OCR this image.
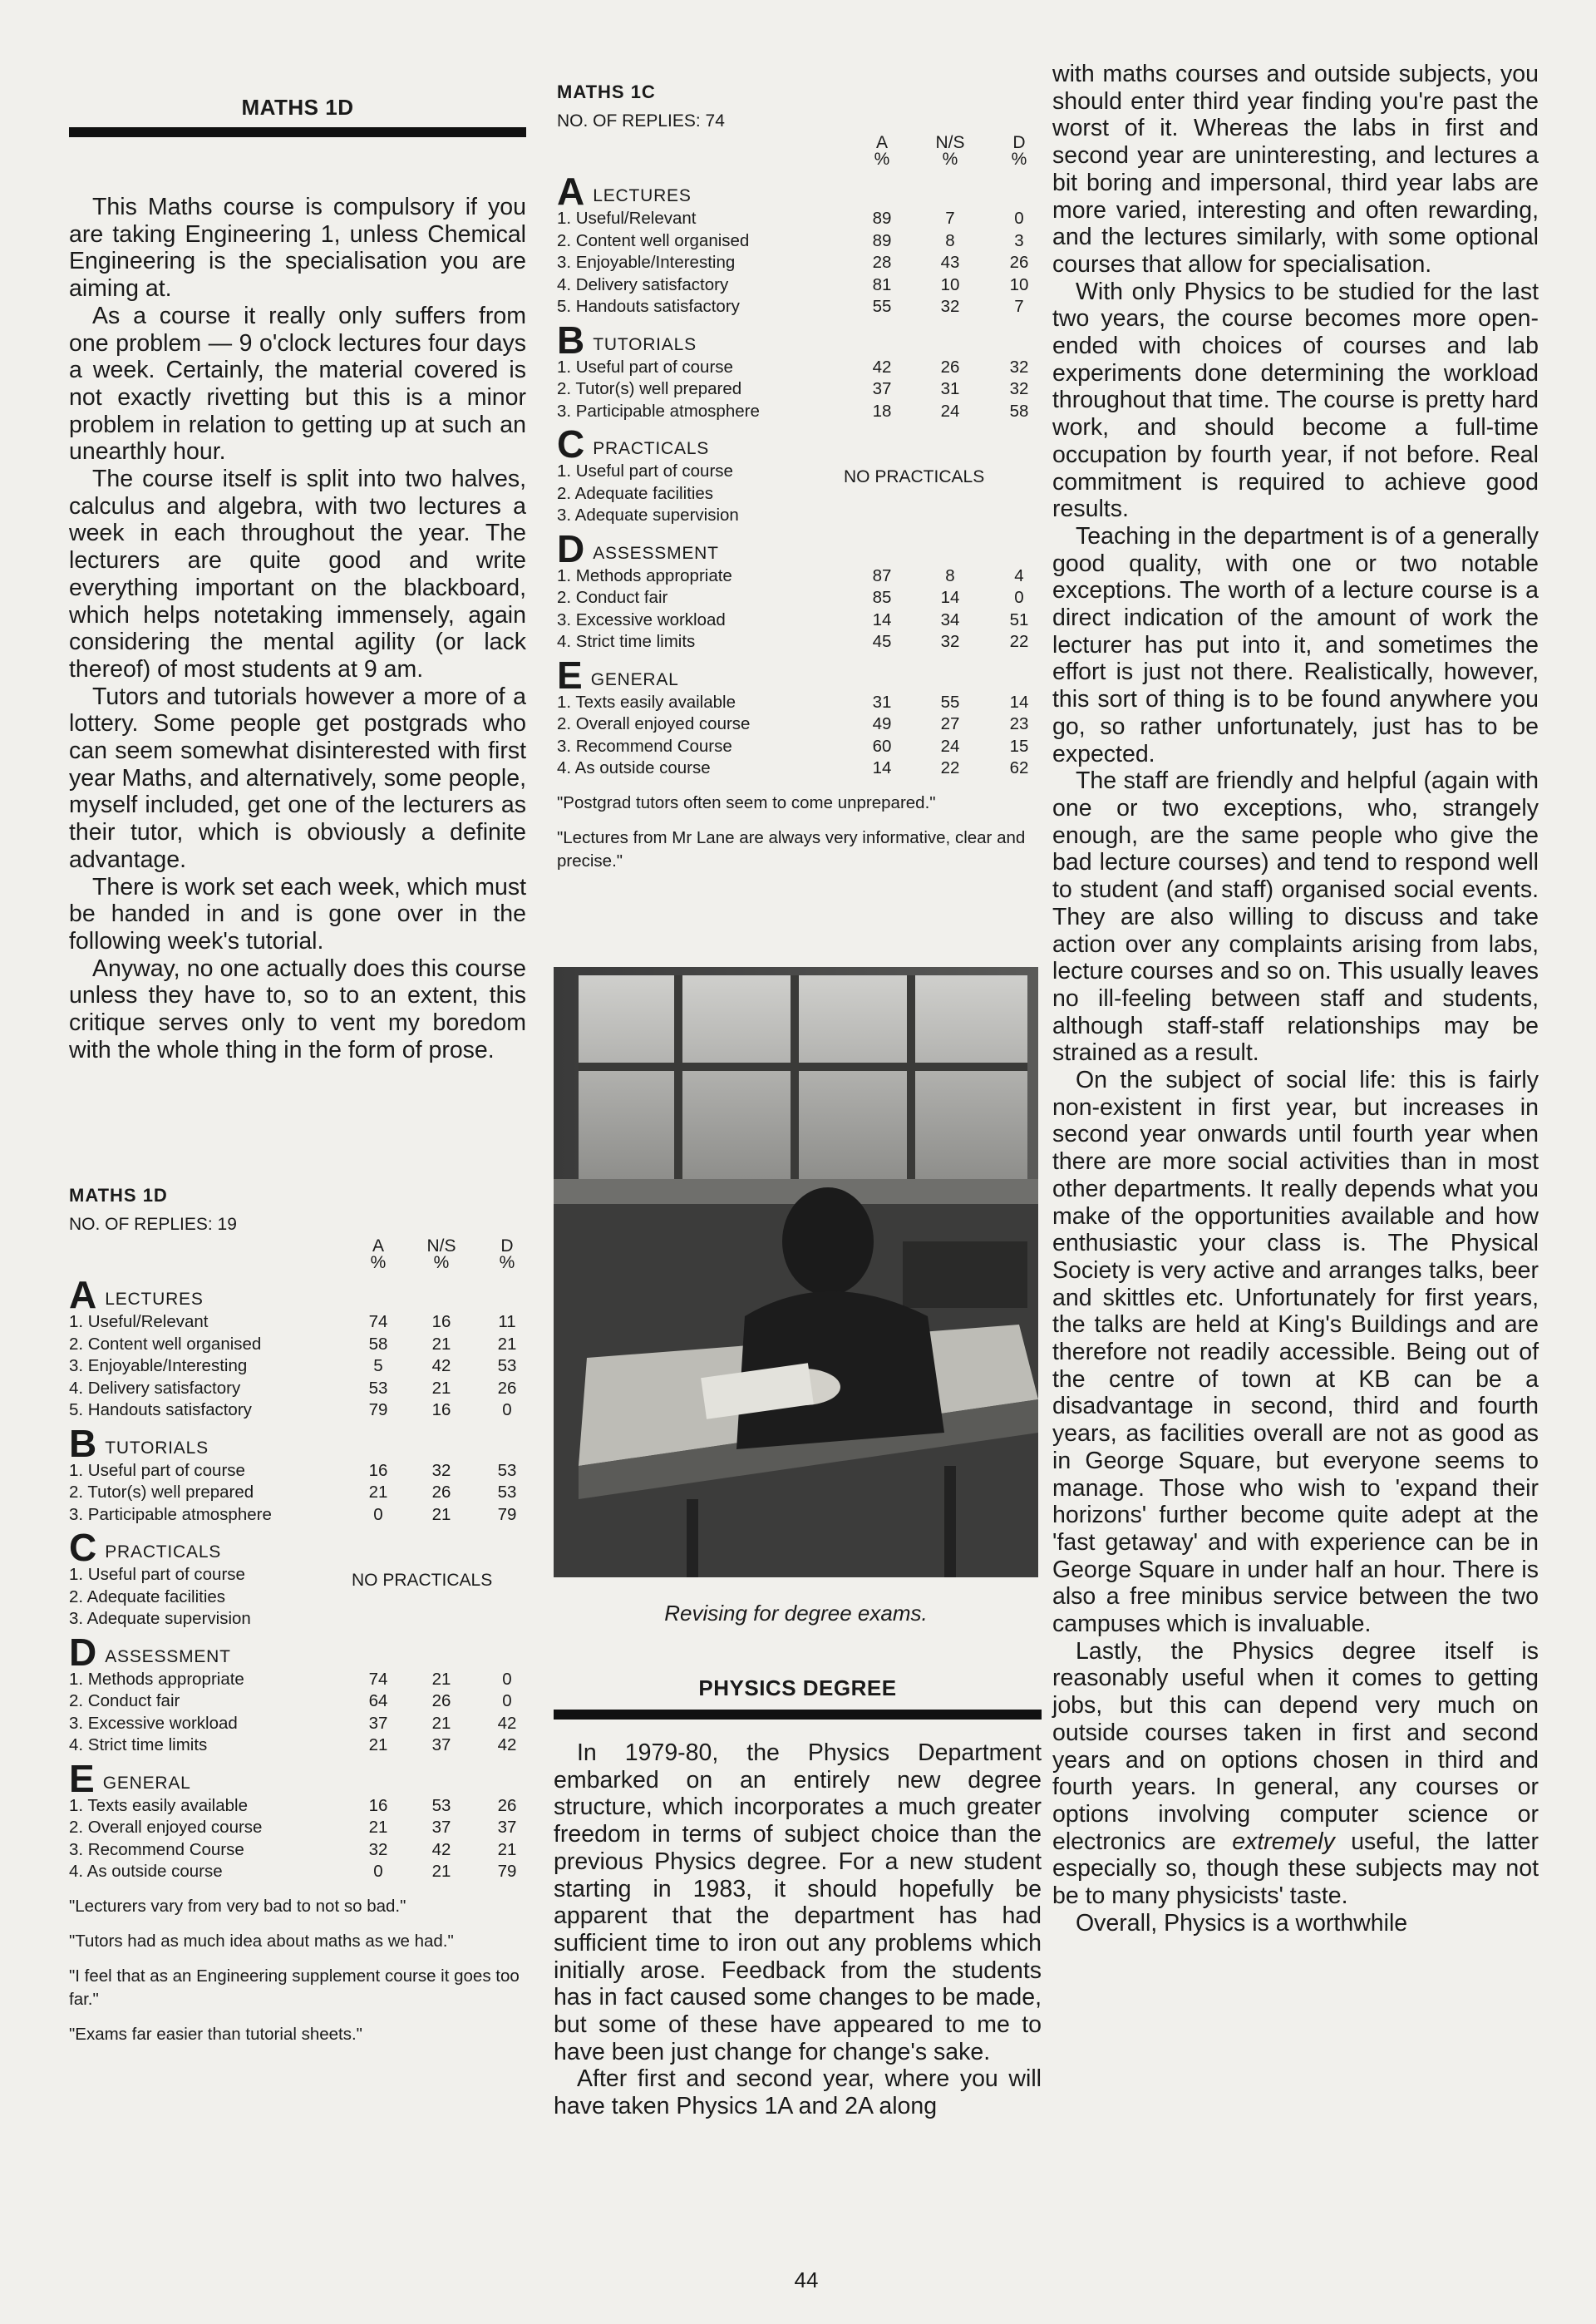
MATHS 1D

This Maths course is compulsory if you are taking Engineering 1, unless Chemical Engineering is the specialisation you are aiming at.

As a course it really only suffers from one problem — 9 o'clock lectures four days a week. Certainly, the material covered is not exactly rivetting but this is a minor problem in relation to getting up at such an unearthly hour.

The course itself is split into two halves, calculus and algebra, with two lectures a week in each throughout the year. The lecturers are quite good and write everything important on the blackboard, which helps notetaking immensely, again considering the mental agility (or lack thereof) of most students at 9 am.

Tutors and tutorials however a more of a lottery. Some people get postgrads who can seem somewhat disinterested with first year Maths, and alternatively, some people, myself included, get one of the lecturers as their tutor, which is obviously a definite advantage.

There is work set each week, which must be handed in and is gone over in the following week's tutorial.

Anyway, no one actually does this course unless they have to, so to an extent, this critique serves only to vent my boredom with the whole thing in the form of prose.

MATHS 1D
NO. OF REPLIES: 19
A
%
N/S
%
D
%
A LECTURES
1. Useful/Relevant	74	16	11
2. Content well organised	58	21	21
3. Enjoyable/Interesting	5	42	53
4. Delivery satisfactory	53	21	26
5. Handouts satisfactory	79	16	0
B TUTORIALS
1. Useful part of course	16	32	53
2. Tutor(s) well prepared	21	26	53
3. Participable atmosphere	0	21	79
C PRACTICALS
1. Useful part of course
2. Adequate facilities
3. Adequate supervision
NO PRACTICALS
D ASSESSMENT
1. Methods appropriate	74	21	0
2. Conduct fair	64	26	0
3. Excessive workload	37	21	42
4. Strict time limits	21	37	42
E GENERAL
1. Texts easily available	16	53	26
2. Overall enjoyed course	21	37	37
3. Recommend Course	32	42	21
4. As outside course	0	21	79
"Lecturers vary from very bad to not so bad."
"Tutors had as much idea about maths as we had."
"I feel that as an Engineering supplement course it goes too far."
"Exams far easier than tutorial sheets."
MATHS 1C
NO. OF REPLIES: 74
A
%
N/S
%
D
%
A LECTURES
1. Useful/Relevant	89	7	0
2. Content well organised	89	8	3
3. Enjoyable/Interesting	28	43	26
4. Delivery satisfactory	81	10	10
5. Handouts satisfactory	55	32	7
B TUTORIALS
1. Useful part of course	42	26	32
2. Tutor(s) well prepared	37	31	32
3. Participable atmosphere	18	24	58
C PRACTICALS
1. Useful part of course
2. Adequate facilities
3. Adequate supervision
NO PRACTICALS
D ASSESSMENT
1. Methods appropriate	87	8	4
2. Conduct fair	85	14	0
3. Excessive workload	14	34	51
4. Strict time limits	45	32	22
E GENERAL
1. Texts easily available	31	55	14
2. Overall enjoyed course	49	27	23
3. Recommend Course	60	24	15
4. As outside course	14	22	62
"Postgrad tutors often seem to come unprepared."
"Lectures from Mr Lane are always very informative, clear and precise."
Revising for degree exams.
PHYSICS DEGREE

In 1979-80, the Physics Department embarked on an entirely new degree structure, which incorporates a much greater freedom in terms of subject choice than the previous Physics degree. For a new student starting in 1983, it should hopefully be apparent that the department has had sufficient time to iron out any problems which initially arose. Feedback from the students has in fact caused some changes to be made, but some of these have appeared to me to have been just change for change's sake.

After first and second year, where you will have taken Physics 1A and 2A along

with maths courses and outside subjects, you should enter third year finding you're past the worst of it. Whereas the labs in first and second year are uninteresting, and lectures a bit boring and impersonal, third year labs are more varied, interesting and often rewarding, and the lectures similarly, with some optional courses that allow for specialisation.

With only Physics to be studied for the last two years, the course becomes more open-ended with choices of courses and lab experiments done determining the workload throughout that time. The course is pretty hard work, and should become a full-time occupation by fourth year, if not before. Real commitment is required to achieve good results.

Teaching in the department is of a generally good quality, with one or two notable exceptions. The worth of a lecture course is a direct indication of the amount of work the lecturer has put into it, and sometimes the effort is just not there. Realistically, however, this sort of thing is to be found anywhere you go, so rather unfortunately, just has to be expected.

The staff are friendly and helpful (again with one or two exceptions, who, strangely enough, are the same people who give the bad lecture courses) and tend to respond well to student (and staff) organised social events. They are also willing to discuss and take action over any complaints arising from labs, lecture courses and so on. This usually leaves no ill-feeling between staff and students, although staff-staff relationships may be strained as a result.

On the subject of social life: this is fairly non-existent in first year, but increases in second year onwards until fourth year when there are more social activities than in most other departments. It really depends what you make of the opportunities available and how enthusiastic your class is. The Physical Society is very active and arranges talks, beer and skittles etc. Unfortunately for first years, the talks are held at King's Buildings and are therefore not readily accessible. Being out of the centre of town at KB can be a disadvantage in second, third and fourth years, as facilities overall are not as good as in George Square, but everyone seems to manage. Those who wish to 'expand their horizons' further become quite adept at the 'fast getaway' and with experience can be in George Square in under half an hour. There is also a free minibus service between the two campuses which is invaluable.

Lastly, the Physics degree itself is reasonably useful when it comes to getting jobs, but this can depend very much on outside courses taken in first and second years and on options chosen in third and fourth years. In general, any courses or options involving computer science or electronics are extremely useful, the latter especially so, though these subjects may not be to many physicists' taste.

Overall, Physics is a worthwhile

44
